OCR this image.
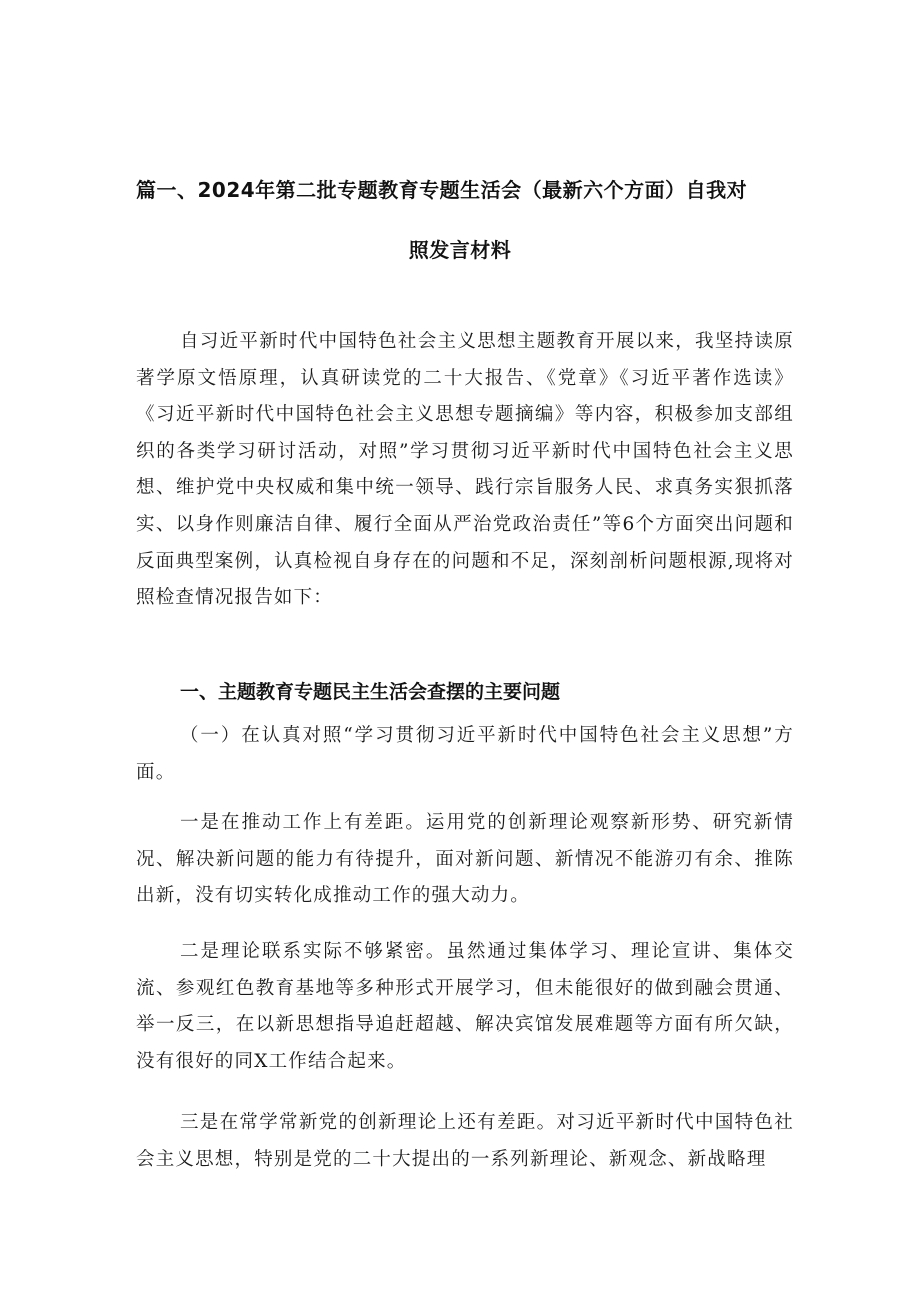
篇一、2024年第二批专题教育专题生活会（最新六个方面）自我对
照发言材料
自习近平新时代中国特色社会主义思想主题教育开展以来，我坚持读原著学原文悟原理，认真研读党的二十大报告、《党章》《习近平著作选读》《习近平新时代中国特色社会主义思想专题摘编》等内容，积极参加支部组织的各类学习研讨活动，对照”学习贯彻习近平新时代中国特色社会主义思想、维护党中央权威和集中统一领导、践行宗旨服务人民、求真务实狠抓落实、以身作则廉洁自律、履行全面从严治党政治责任”等6个方面突出问题和反面典型案例，认真检视自身存在的问题和不足，深刻剖析问题根源,现将对照检查情况报告如下：
一、主题教育专题民主生活会查摆的主要问题
（一）在认真对照“学习贯彻习近平新时代中国特色社会主义思想”方面。
一是在推动工作上有差距。运用党的创新理论观察新形势、研究新情况、解决新问题的能力有待提升，面对新问题、新情况不能游刃有余、推陈出新，没有切实转化成推动工作的强大动力。
二是理论联系实际不够紧密。虽然通过集体学习、理论宣讲、集体交流、参观红色教育基地等多种形式开展学习，但未能很好的做到融会贯通、举一反三，在以新思想指导追赶超越、解决宾馆发展难题等方面有所欠缺，没有很好的同X工作结合起来。
三是在常学常新党的创新理论上还有差距。对习近平新时代中国特色社会主义思想，特别是党的二十大提出的一系列新理论、新观念、新战略理
